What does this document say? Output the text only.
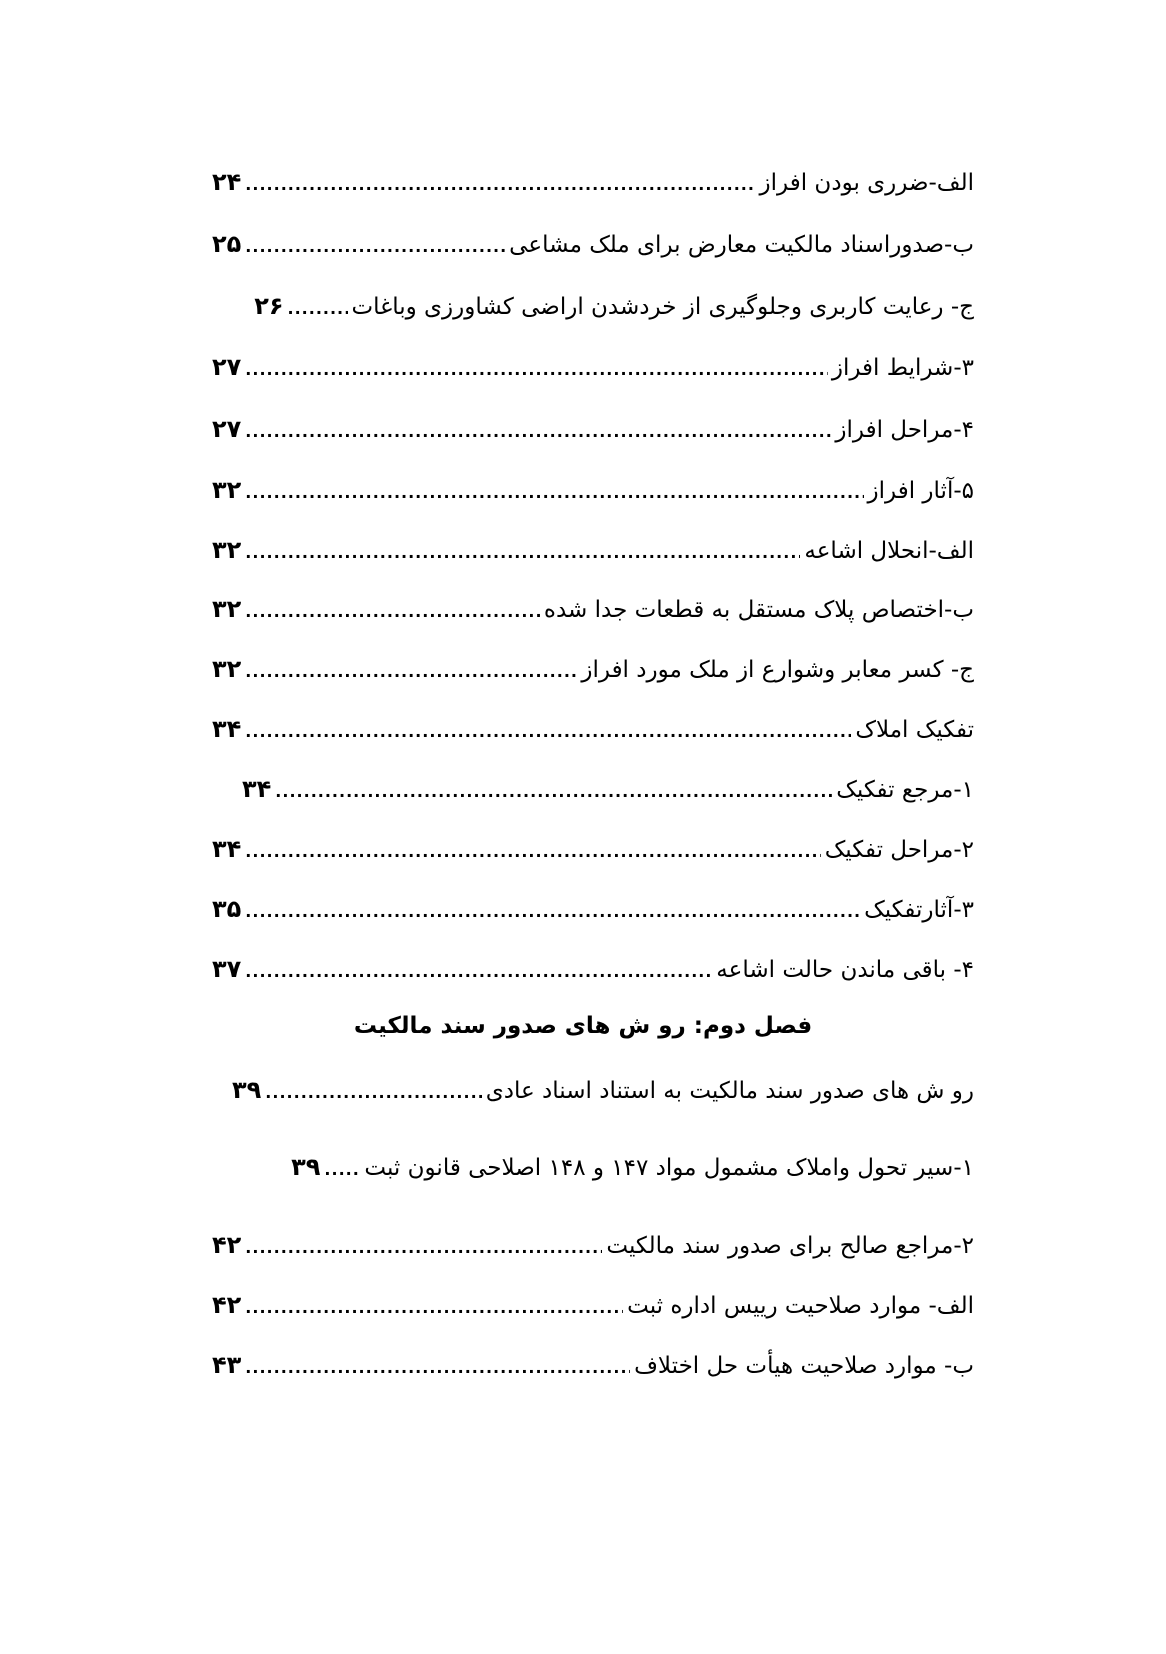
الف-ضرری بودن افراز
.....
۲۴
ب-صدوراسناد مالکیت معارض برای ملک مشاعی
.....
۲۵
ج- رعایت کاربری وجلوگیری از خردشدن اراضی کشاورزی وباغات
.....
۲۶
۳-شرایط افراز
.....
۲۷
۴-مراحل افراز
.....
۲۷
۵-آثار افراز
.....
۳۲
الف-انحلال اشاعه
.....
۳۲
ب-اختصاص پلاک مستقل به قطعات جدا شده
.....
۳۲
ج- کسر معابر وشوارع از ملک مورد افراز
.....
۳۲
تفکیک املاک
.....
۳۴
۱-مرجع تفکیک
.....
۳۴
۲-مراحل تفکیک
.....
۳۴
۳-آثارتفکیک
.....
۳۵
۴- باقی ماندن حالت اشاعه
.....
۳۷
فصل دوم: رو ش های صدور سند مالکیت
رو ش های صدور سند مالکیت به استناد اسناد عادی
.....
۳۹
۱-سیر تحول واملاک مشمول مواد ۱۴۷ و ۱۴۸ اصلاحی قانون ثبت
.....
۳۹
۲-مراجع صالح برای صدور سند مالکیت
.....
۴۲
الف- موارد صلاحیت رییس اداره ثبت
.....
۴۲
ب- موارد صلاحیت هیأت حل اختلاف
.....
۴۳
